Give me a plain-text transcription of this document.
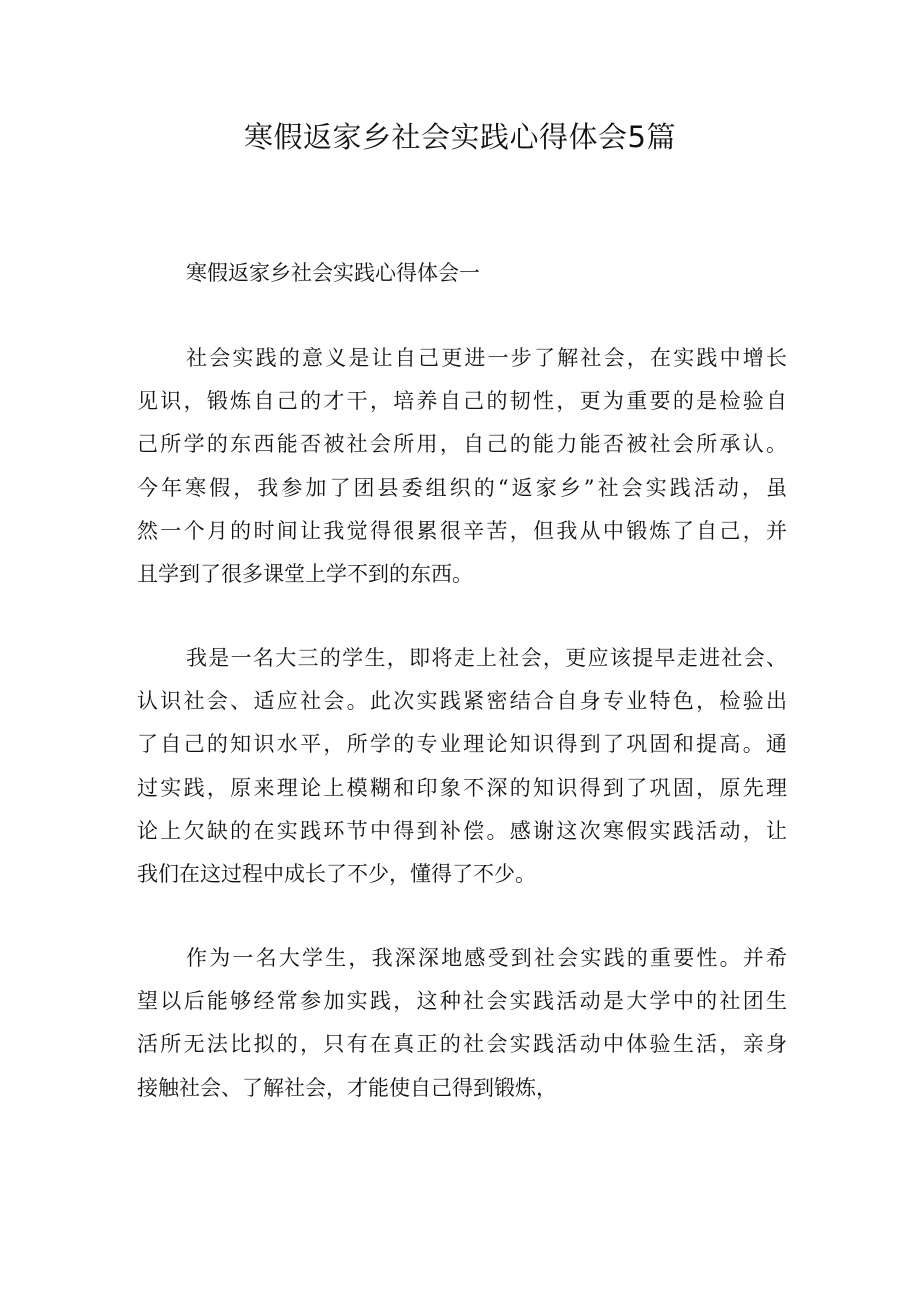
寒假返家乡社会实践心得体会5篇

寒假返家乡社会实践心得体会一

社会实践的意义是让自己更进一步了解社会，在实践中增长
见识，锻炼自己的才干，培养自己的韧性，更为重要的是检验自
己所学的东西能否被社会所用，自己的能力能否被社会所承认。
今年寒假，我参加了团县委组织的“返家乡”社会实践活动，虽
然一个月的时间让我觉得很累很辛苦，但我从中锻炼了自己，并
且学到了很多课堂上学不到的东西。

我是一名大三的学生，即将走上社会，更应该提早走进社会、
认识社会、适应社会。此次实践紧密结合自身专业特色，检验出
了自己的知识水平，所学的专业理论知识得到了巩固和提高。通
过实践，原来理论上模糊和印象不深的知识得到了巩固，原先理
论上欠缺的在实践环节中得到补偿。感谢这次寒假实践活动，让
我们在这过程中成长了不少，懂得了不少。

作为一名大学生，我深深地感受到社会实践的重要性。并希
望以后能够经常参加实践，这种社会实践活动是大学中的社团生
活所无法比拟的，只有在真正的社会实践活动中体验生活，亲身
接触社会、了解社会，才能使自己得到锻炼，
